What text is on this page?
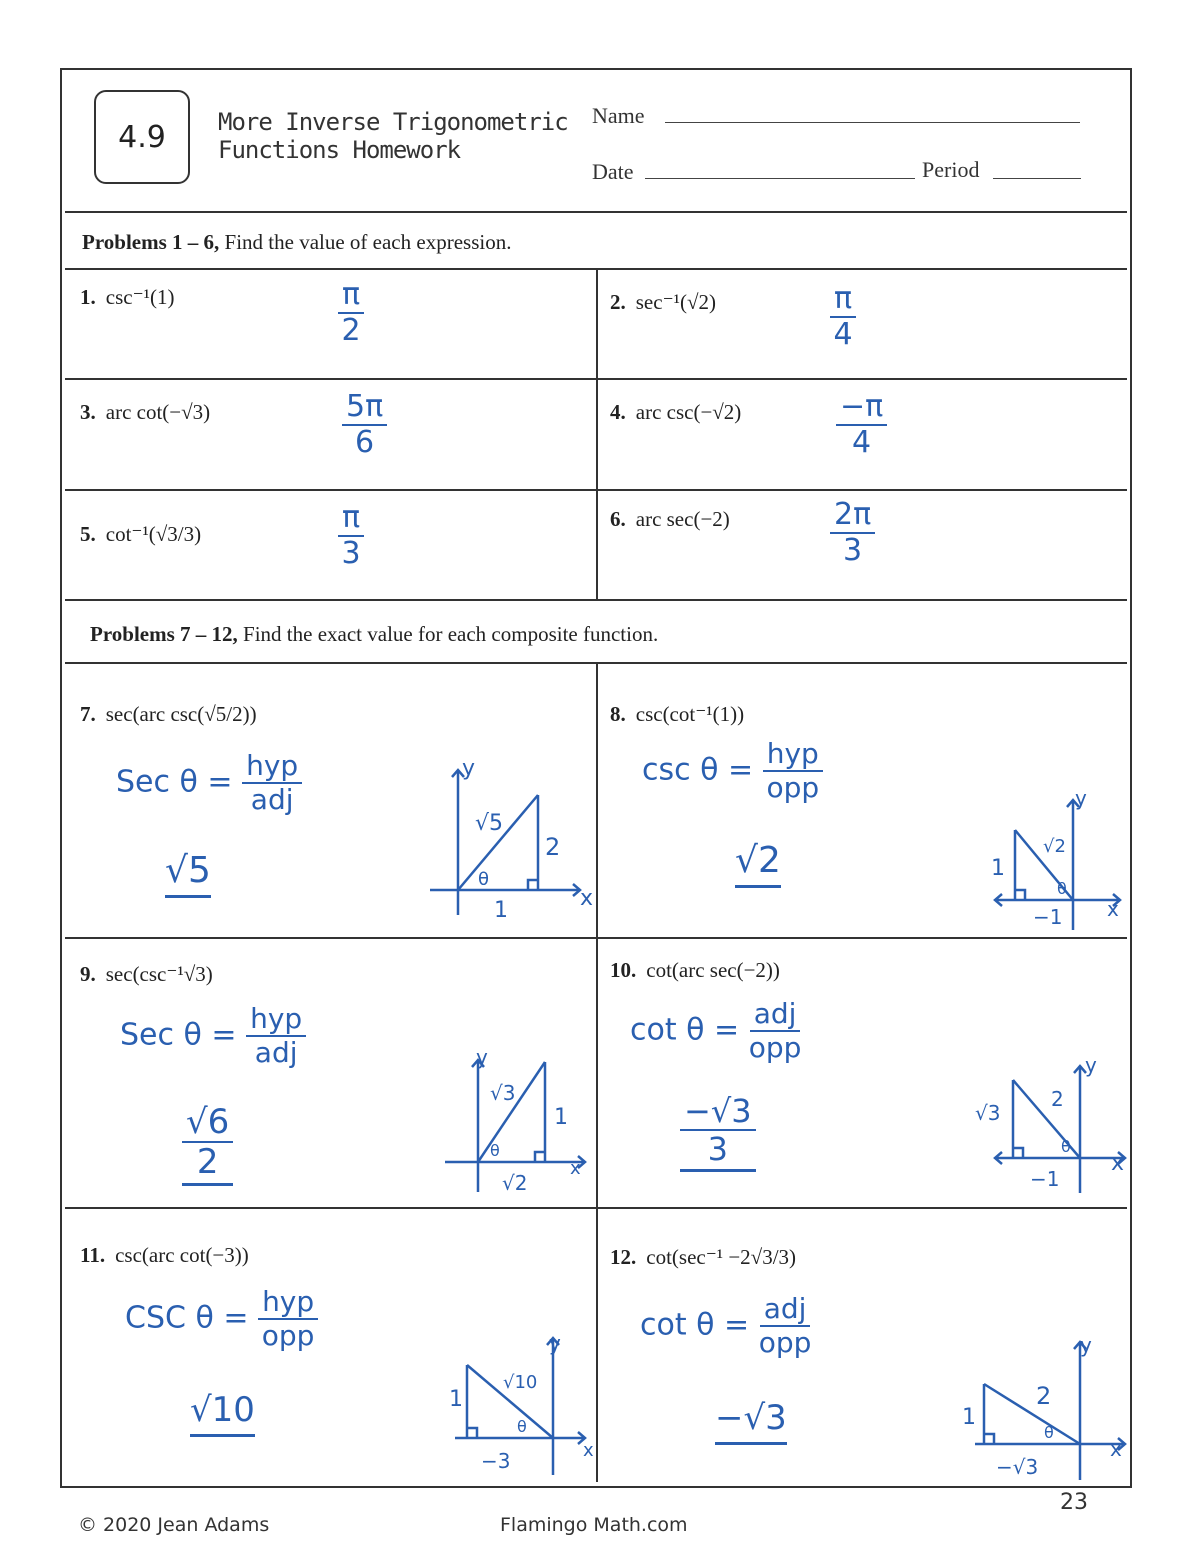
4.9	More Inverse Trigonometric
Functions Homework
Name
Date	Period
Problems 1 – 6, Find the value of each expression.
1. csc⁻¹(1)	$\frac{\pi}{2}$	2. sec⁻¹(√2)	$\frac{\pi}{4}$
3. arc cot(−√3)	$\frac{5\pi}{6}$	4. arc csc(−√2)	$\frac{-\pi}{4}$
5. cot⁻¹(√3/3)	$\frac{\pi}{3}$	6. arc sec(−2)	$\frac{2\pi}{3}$
Problems 7 – 12, Find the exact value for each composite function.
7. sec(arc csc(√5/2))
Sec $\theta = \frac{\text{hyp}}{\text{adj}}$
√5
y
x
√5
2
1
θ
8. csc(cot⁻¹(1))
$\csc \theta = \frac{\text{hyp}}{\text{opp}}$
√2
y
x
√2
1
−1
θ
9. sec(csc⁻¹√3)
Sec $\theta = \frac{\text{hyp}}{\text{adj}}$
$\frac{√6}{2}$
y
x
√3
1
√2
θ
10. cot(arc sec(−2))
$\cot \theta = \frac{\text{adj}}{\text{opp}}$
$\frac{-√3}{3}$
y
x
2
√3
−1
θ
11. csc(arc cot(−3))
CSC $\theta = \frac{\text{hyp}}{\text{opp}}$
√10
y
x
√10
1
−3
θ
12. cot(sec⁻¹ −2√3/3)
$\cot \theta = \frac{\text{adj}}{\text{opp}}$
−√3
y
x
2
1
−√3
θ
23
© 2020 Jean Adams	Flamingo Math.com
